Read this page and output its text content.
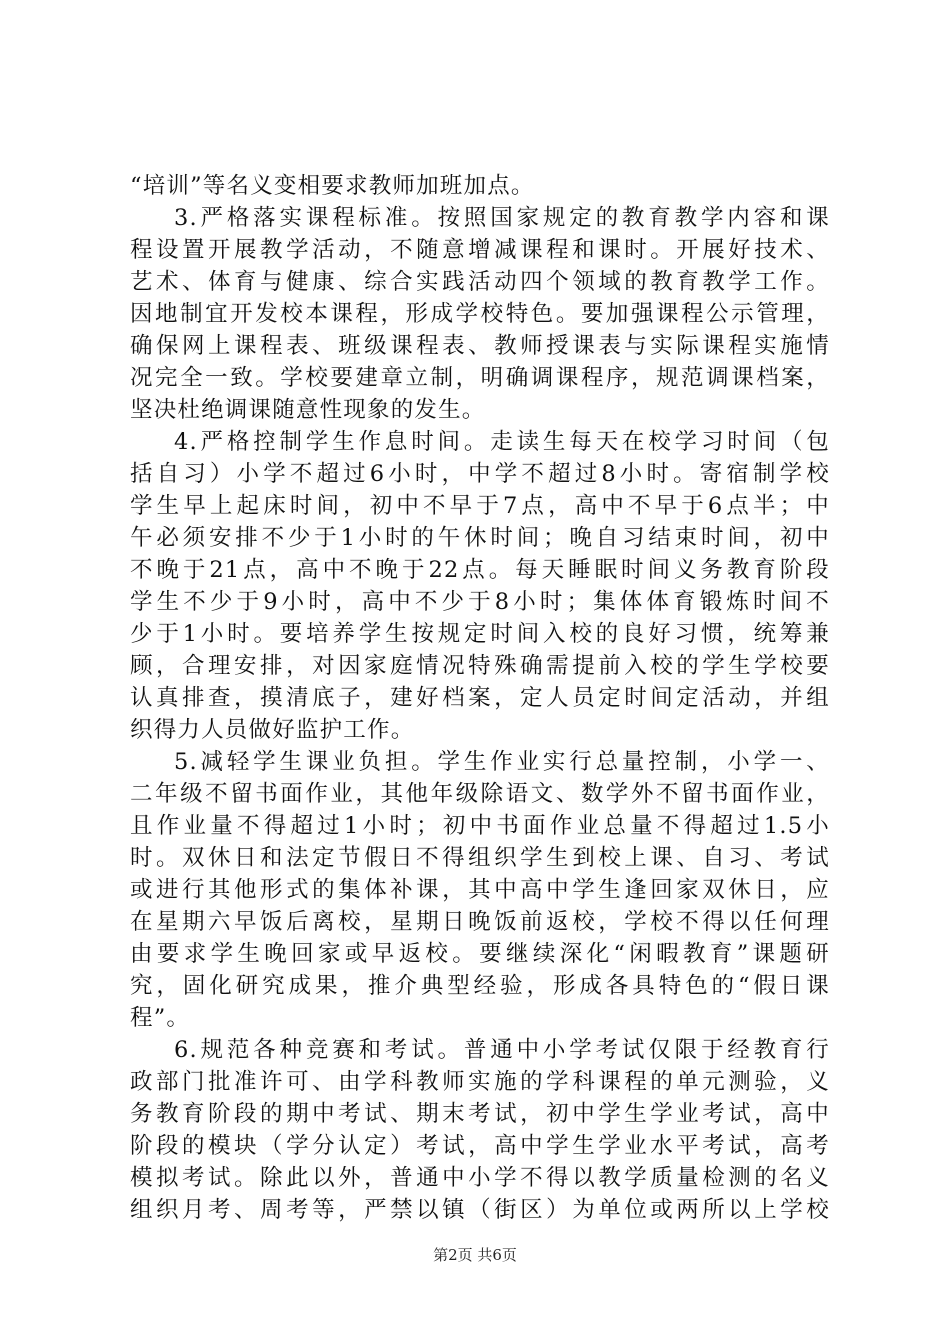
“培训”等名义变相要求教师加班加点。
3.严格落实课程标准。按照国家规定的教育教学内容和课
程设置开展教学活动，不随意增减课程和课时。开展好技术、
艺术、体育与健康、综合实践活动四个领域的教育教学工作。
因地制宜开发校本课程，形成学校特色。要加强课程公示管理，
确保网上课程表、班级课程表、教师授课表与实际课程实施情
况完全一致。学校要建章立制，明确调课程序，规范调课档案，
坚决杜绝调课随意性现象的发生。
4.严格控制学生作息时间。走读生每天在校学习时间（包
括自习）小学不超过6小时，中学不超过8小时。寄宿制学校
学生早上起床时间，初中不早于7点，高中不早于6点半；中
午必须安排不少于1小时的午休时间；晚自习结束时间，初中
不晚于21点，高中不晚于22点。每天睡眠时间义务教育阶段
学生不少于9小时，高中不少于8小时；集体体育锻炼时间不
少于1小时。要培养学生按规定时间入校的良好习惯，统筹兼
顾，合理安排，对因家庭情况特殊确需提前入校的学生学校要
认真排查，摸清底子，建好档案，定人员定时间定活动，并组
织得力人员做好监护工作。
5.减轻学生课业负担。学生作业实行总量控制，小学一、
二年级不留书面作业，其他年级除语文、数学外不留书面作业，
且作业量不得超过1小时；初中书面作业总量不得超过1.5小
时。双休日和法定节假日不得组织学生到校上课、自习、考试
或进行其他形式的集体补课，其中高中学生逢回家双休日，应
在星期六早饭后离校，星期日晚饭前返校，学校不得以任何理
由要求学生晚回家或早返校。要继续深化“闲暇教育”课题研
究，固化研究成果，推介典型经验，形成各具特色的“假日课
程”。
6.规范各种竞赛和考试。普通中小学考试仅限于经教育行
政部门批准许可、由学科教师实施的学科课程的单元测验，义
务教育阶段的期中考试、期末考试，初中学生学业考试，高中
阶段的模块（学分认定）考试，高中学生学业水平考试，高考
模拟考试。除此以外，普通中小学不得以教学质量检测的名义
组织月考、周考等，严禁以镇（街区）为单位或两所以上学校
第2页 共6页
